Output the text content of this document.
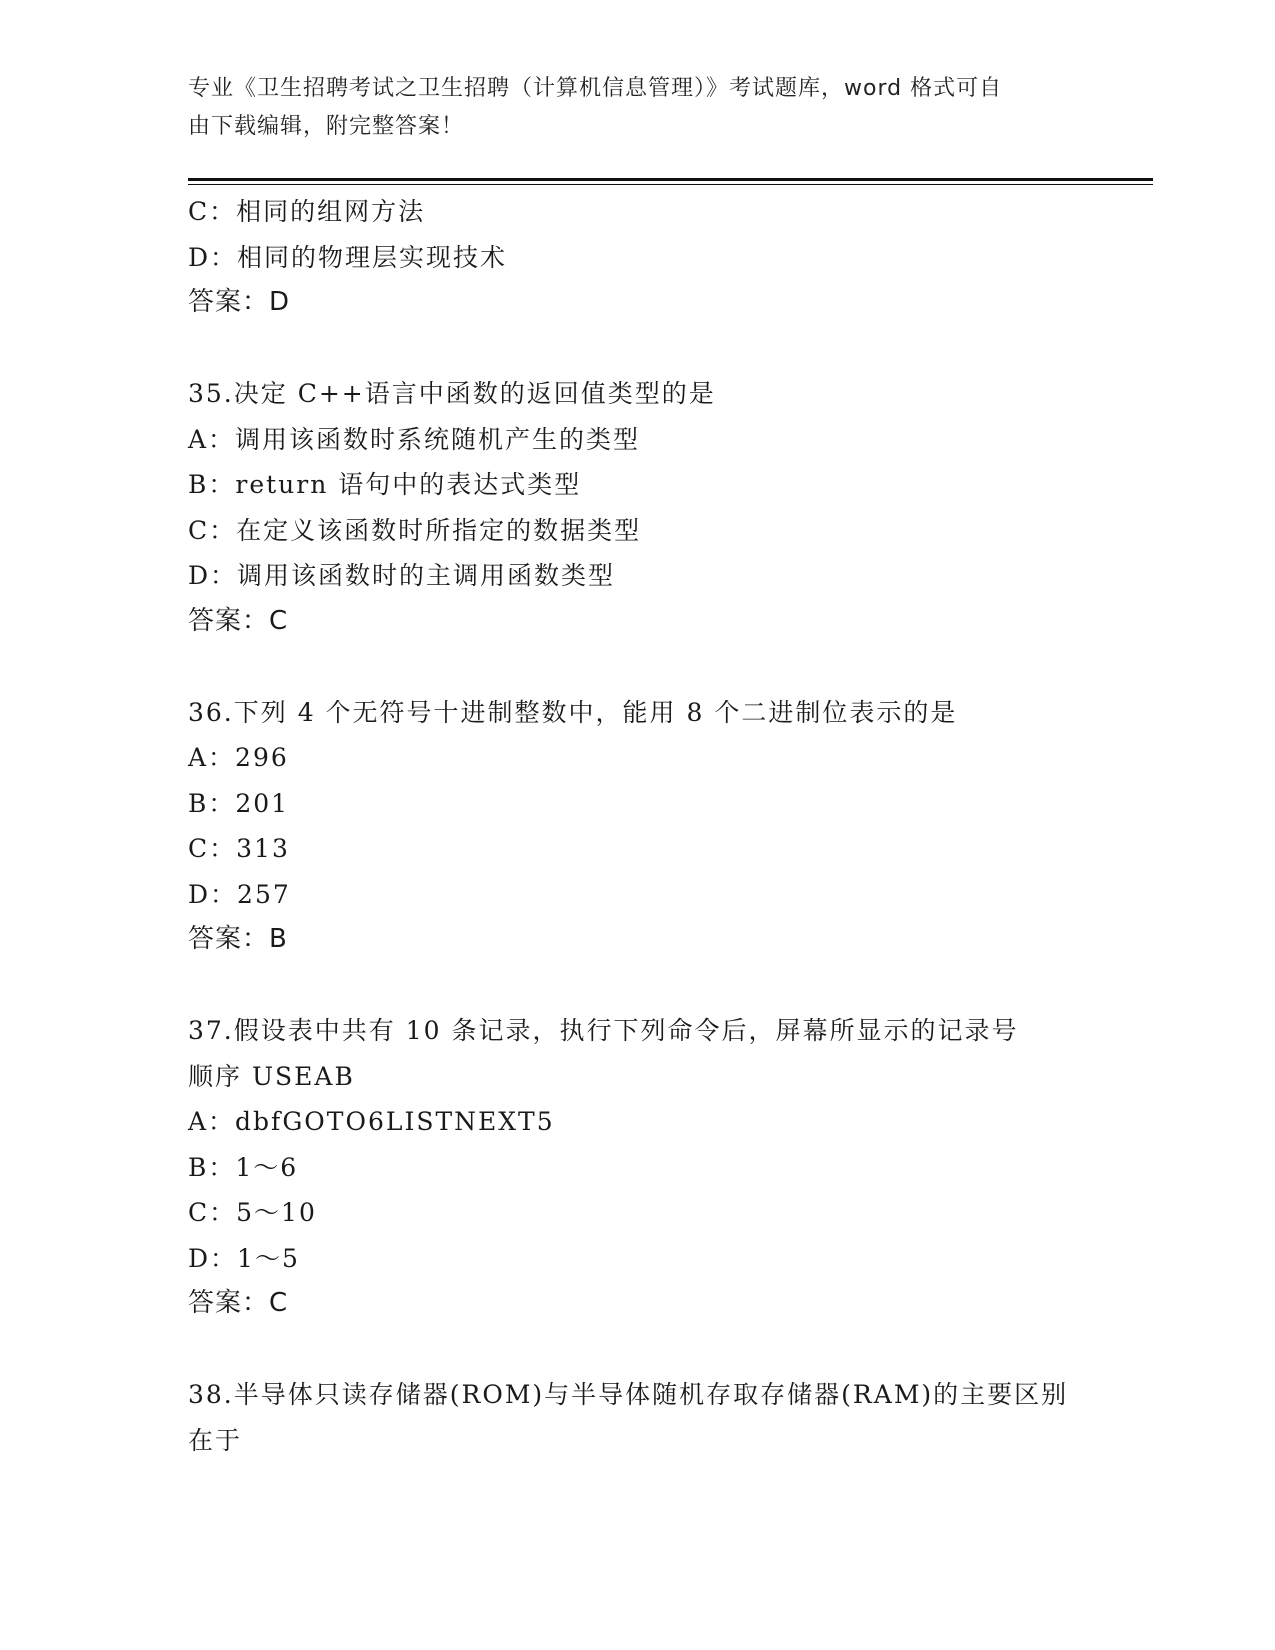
专业《卫生招聘考试之卫生招聘（计算机信息管理）》考试题库，word 格式可自
由下载编辑，附完整答案！
C：相同的组网方法
D：相同的物理层实现技术
答案：D
35.决定 C++语言中函数的返回值类型的是
A：调用该函数时系统随机产生的类型
B：return 语句中的表达式类型
C：在定义该函数时所指定的数据类型
D：调用该函数时的主调用函数类型
答案：C
36.下列 4 个无符号十进制整数中，能用 8 个二进制位表示的是
A：296
B：201
C：313
D：257
答案：B
37.假设表中共有 10 条记录，执行下列命令后，屏幕所显示的记录号
顺序 USEAB
A：dbfGOTO6LISTNEXT5
B：1～6
C：5～10
D：1～5
答案：C
38.半导体只读存储器(ROM)与半导体随机存取存储器(RAM)的主要区别
在于
